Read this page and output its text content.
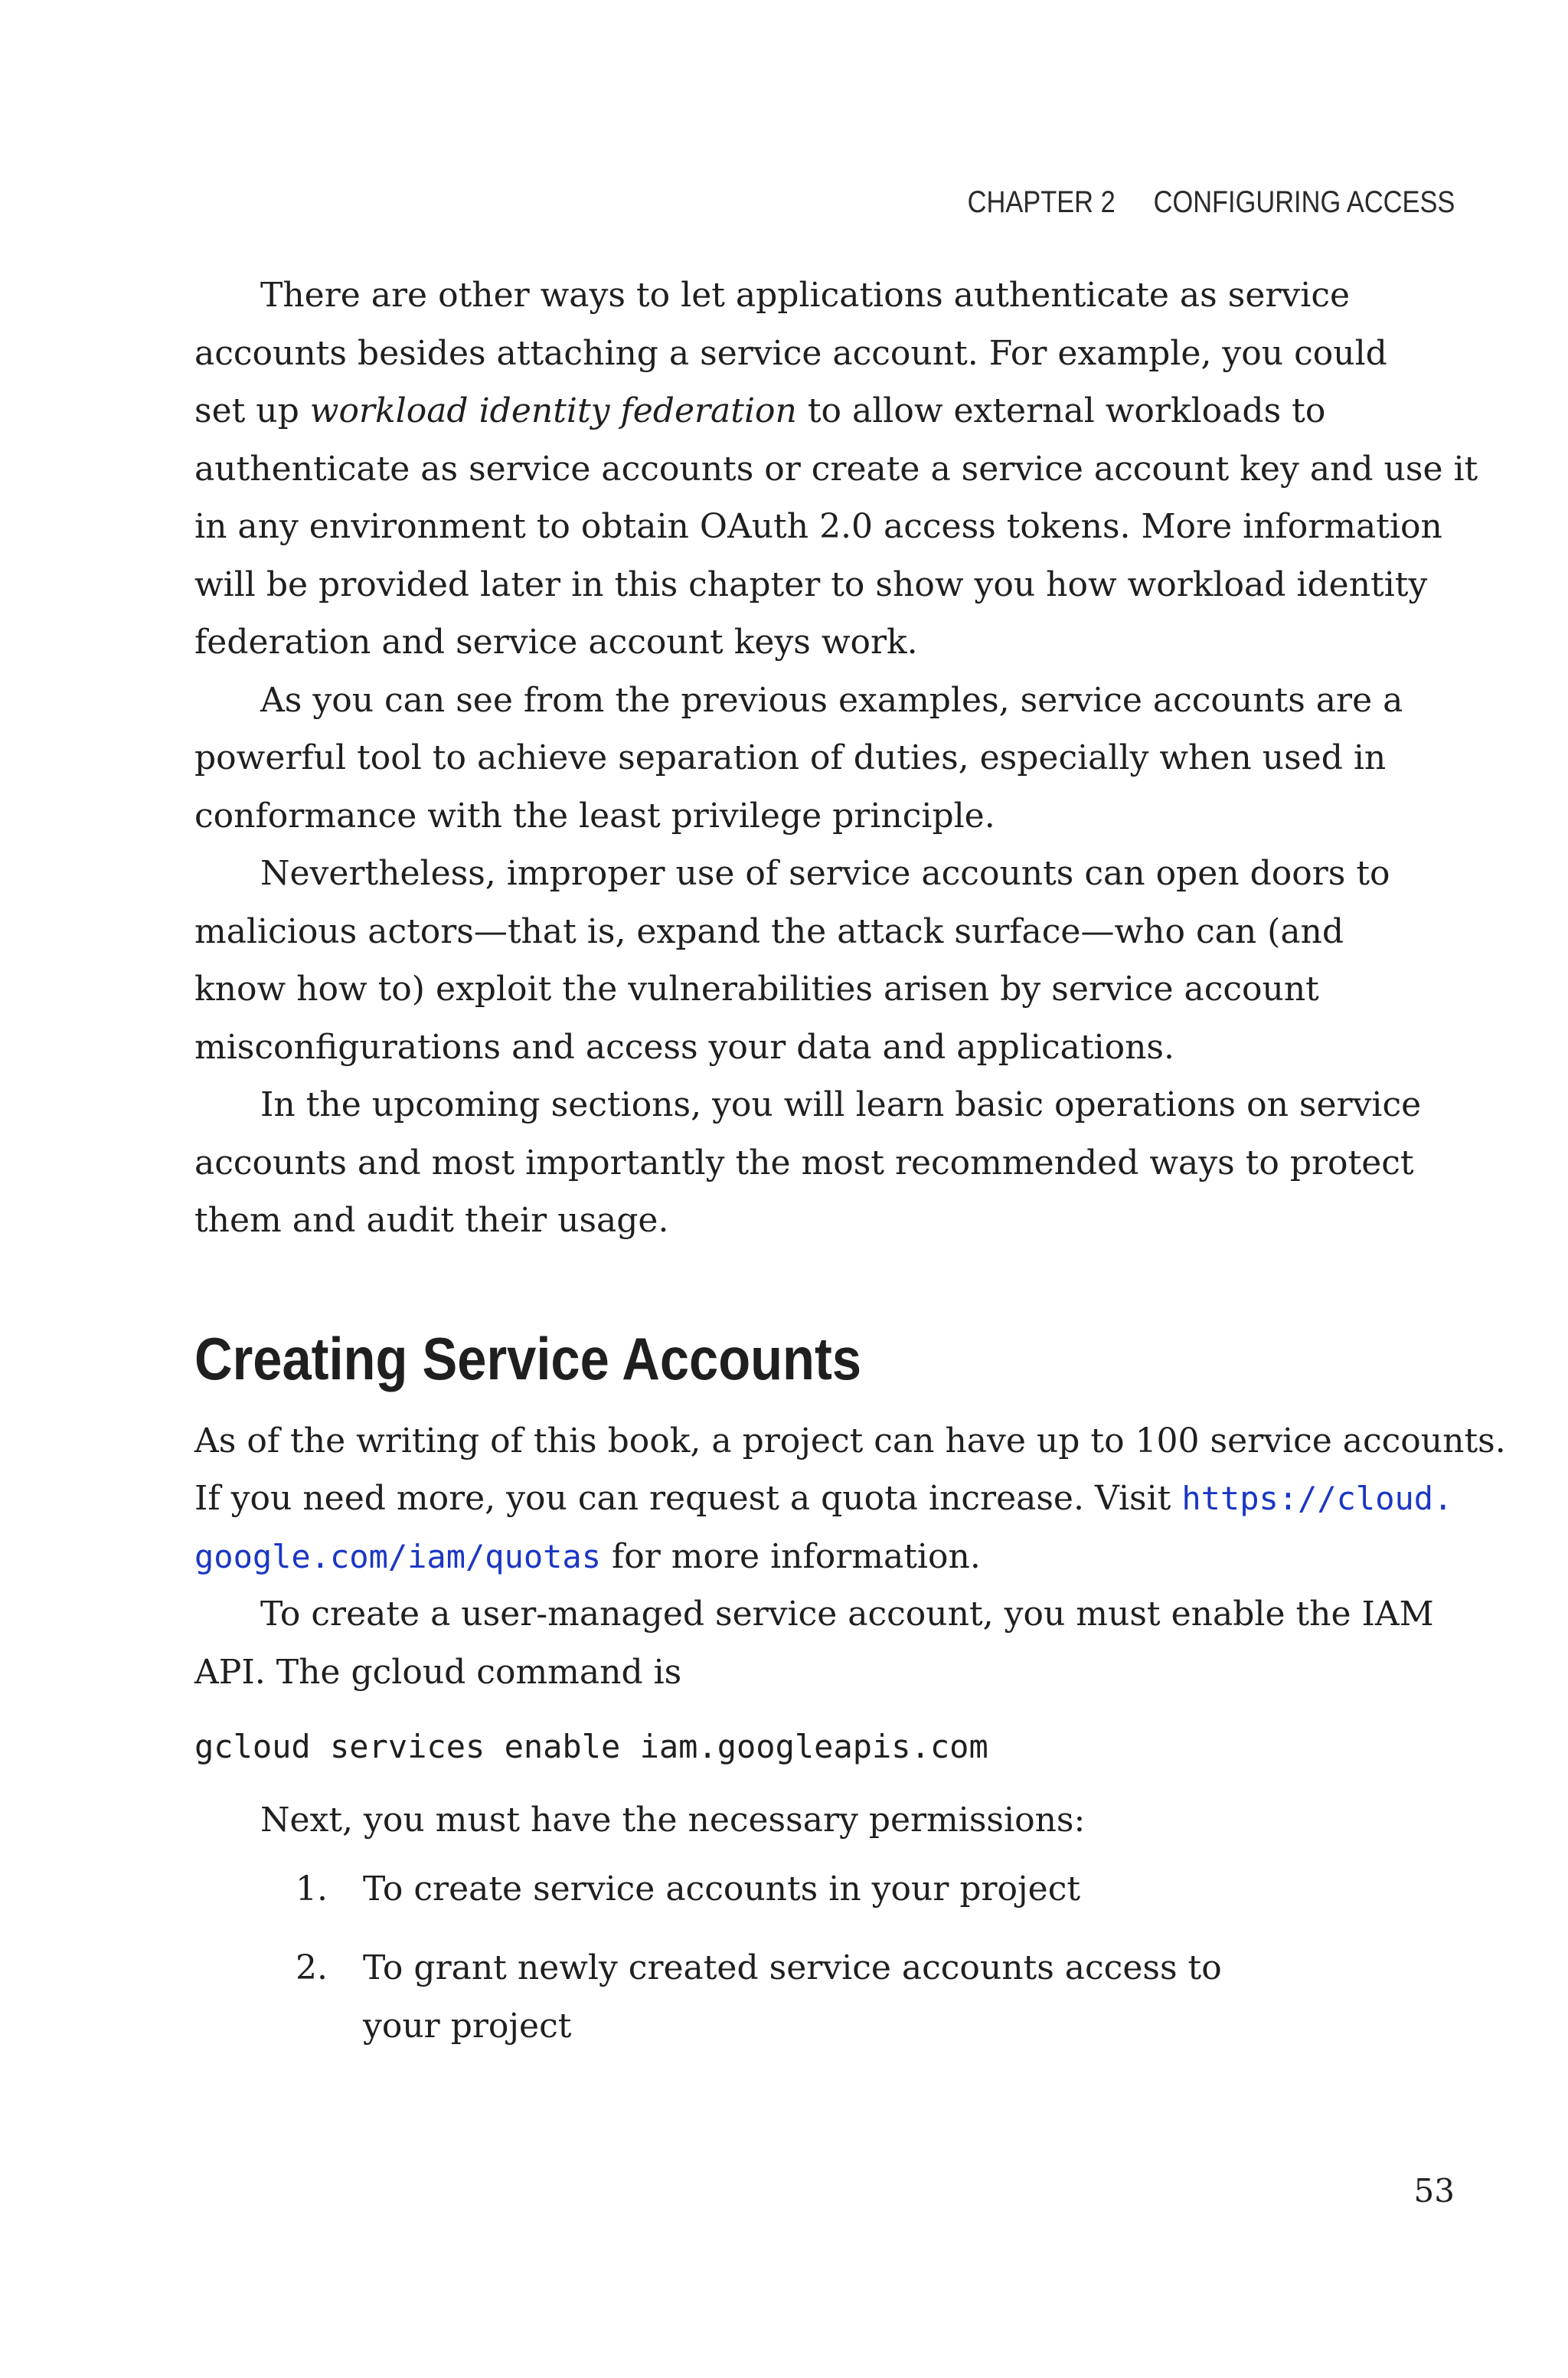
CHAPTER 2 CONFIGURING ACCESS

There are other ways to let applications authenticate as service

accounts besides attaching a service account. For example, you could

set up workload identity federation to allow external workloads to

authenticate as service accounts or create a service account key and use it

in any environment to obtain OAuth 2.0 access tokens. More information

will be provided later in this chapter to show you how workload identity

federation and service account keys work.

As you can see from the previous examples, service accounts are a

powerful tool to achieve separation of duties, especially when used in

conformance with the least privilege principle.

Nevertheless, improper use of service accounts can open doors to

malicious actors—that is, expand the attack surface—who can (and

know how to) exploit the vulnerabilities arisen by service account

misconfigurations and access your data and applications.

In the upcoming sections, you will learn basic operations on service

accounts and most importantly the most recommended ways to protect

them and audit their usage.

Creating Service Accounts

As of the writing of this book, a project can have up to 100 service accounts.

If you need more, you can request a quota increase. Visit https://cloud.

google.com/iam/quotas for more information.

To create a user-managed service account, you must enable the IAM

API. The gcloud command is

gcloud services enable iam.googleapis.com

Next, you must have the necessary permissions:

1. To create service accounts in your project
2. To grant newly created service accounts access to
your project
53
